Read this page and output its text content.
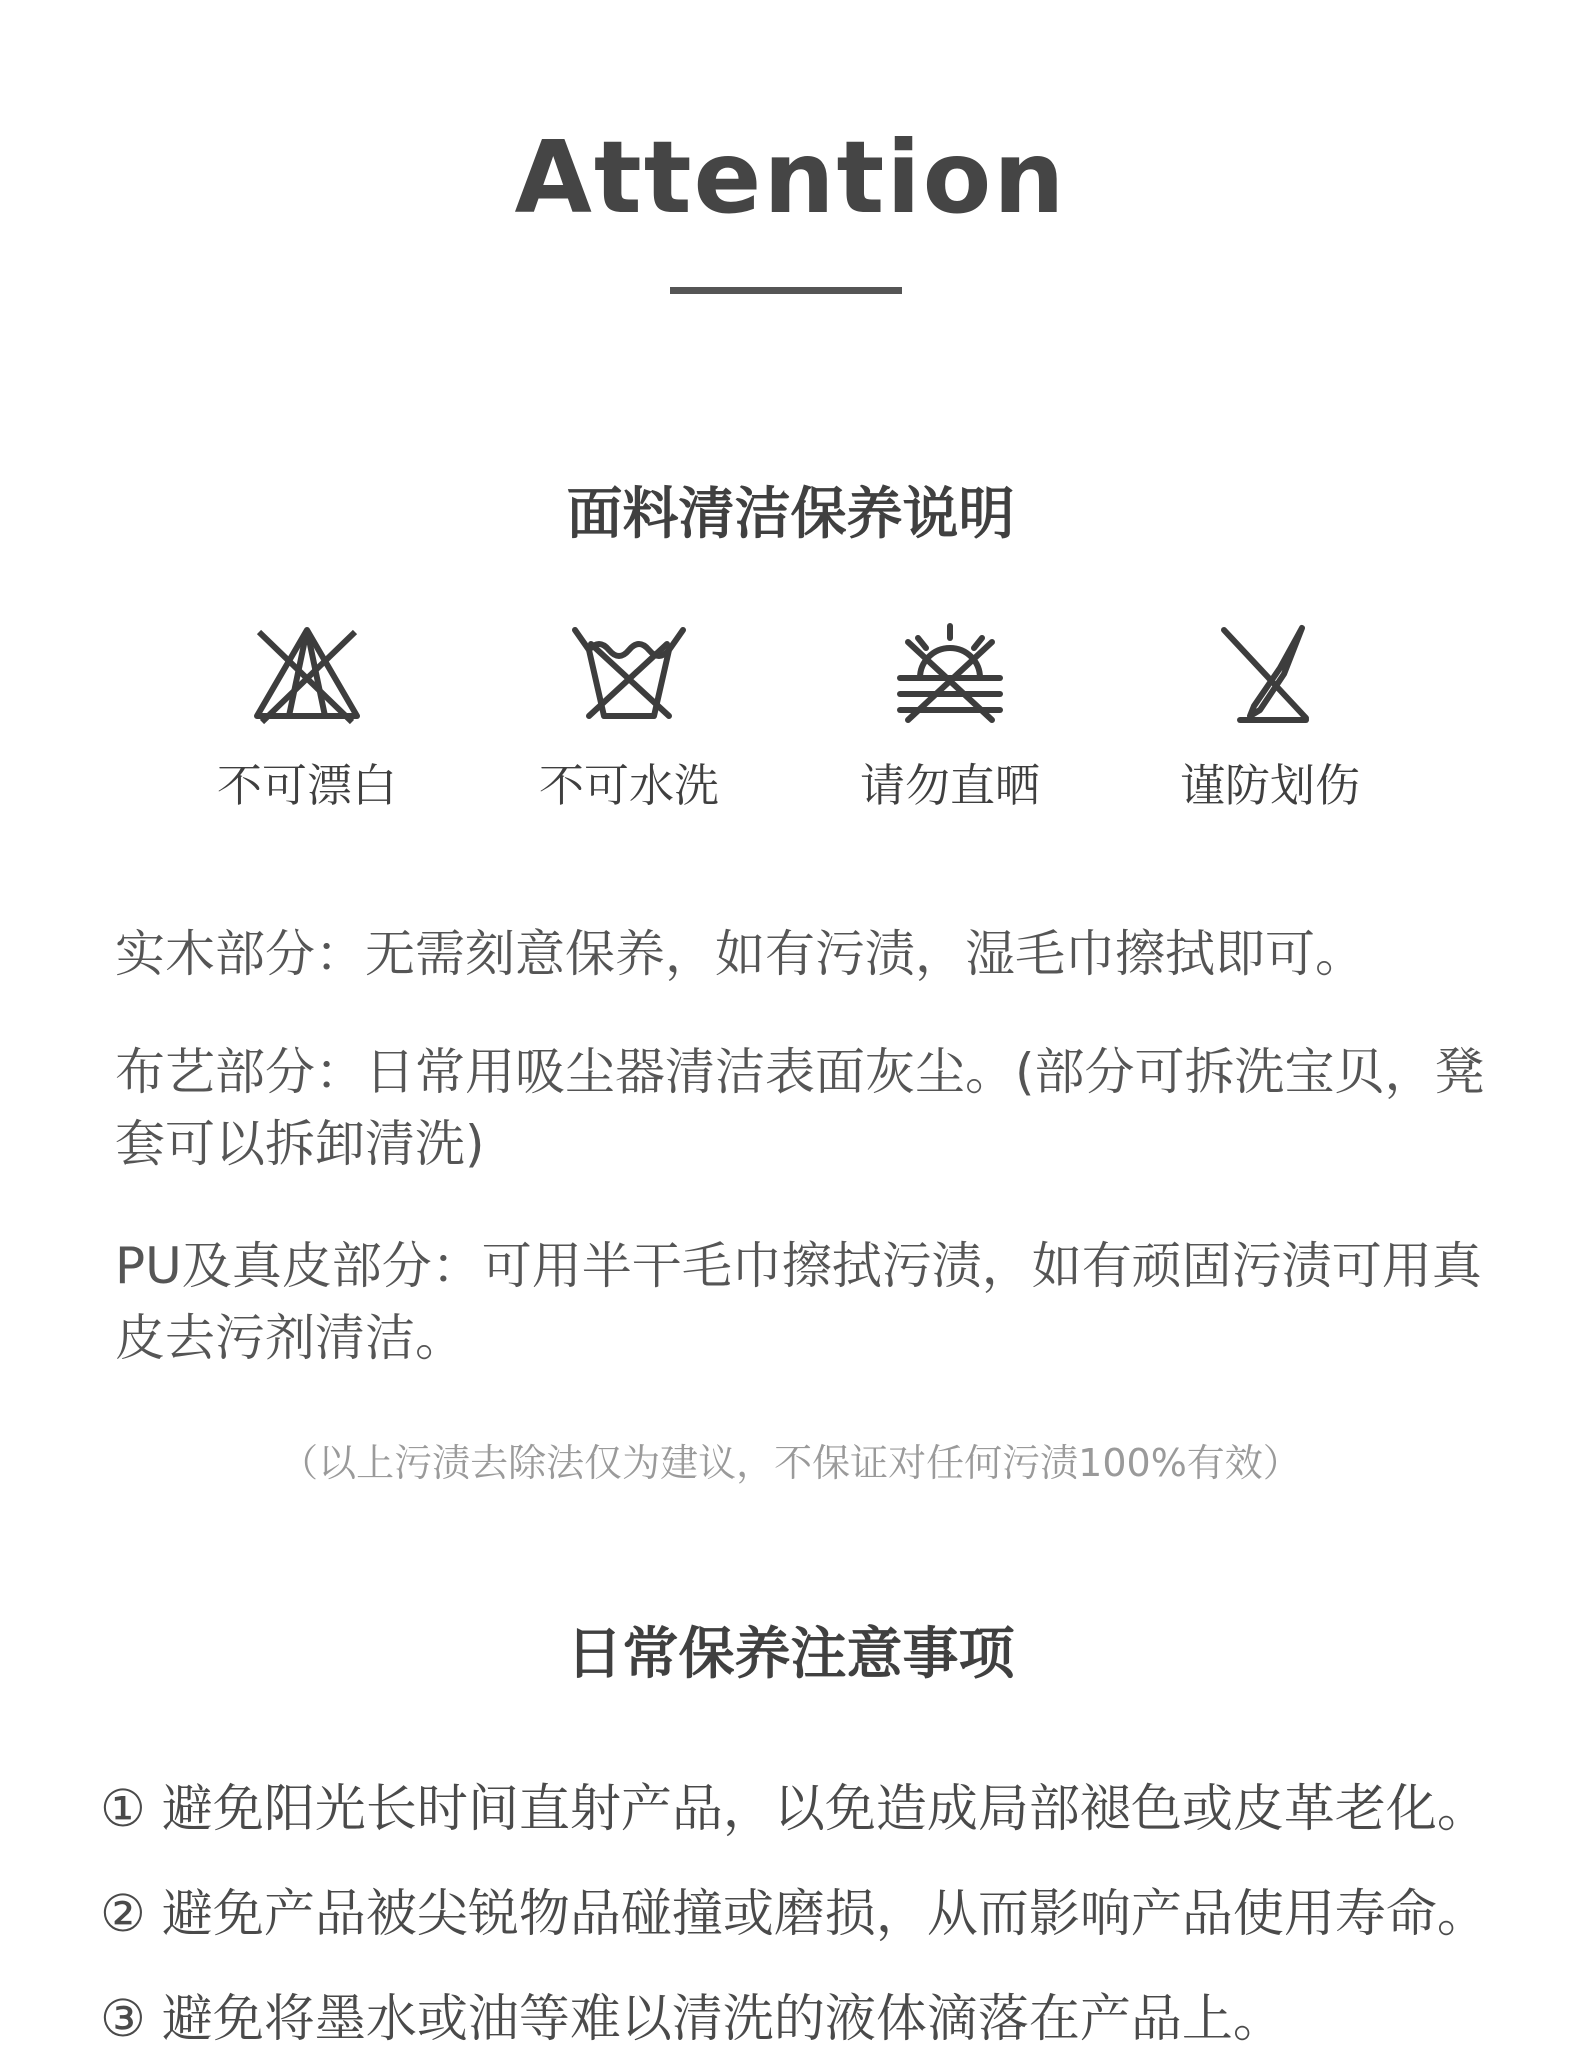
Attention
面料清洁保养说明
不可漂白	不可水洗	请勿直晒	谨防划伤
实木部分：无需刻意保养，如有污渍，湿毛巾擦拭即可。
布艺部分：日常用吸尘器清洁表面灰尘。(部分可拆洗宝贝，凳套可以拆卸清洗)
PU及真皮部分：可用半干毛巾擦拭污渍，如有顽固污渍可用真皮去污剂清洁。
（以上污渍去除法仅为建议，不保证对任何污渍100%有效）
日常保养注意事项
① 避免阳光长时间直射产品，以免造成局部褪色或皮革老化。
② 避免产品被尖锐物品碰撞或磨损，从而影响产品使用寿命。
③ 避免将墨水或油等难以清洗的液体滴落在产品上。
